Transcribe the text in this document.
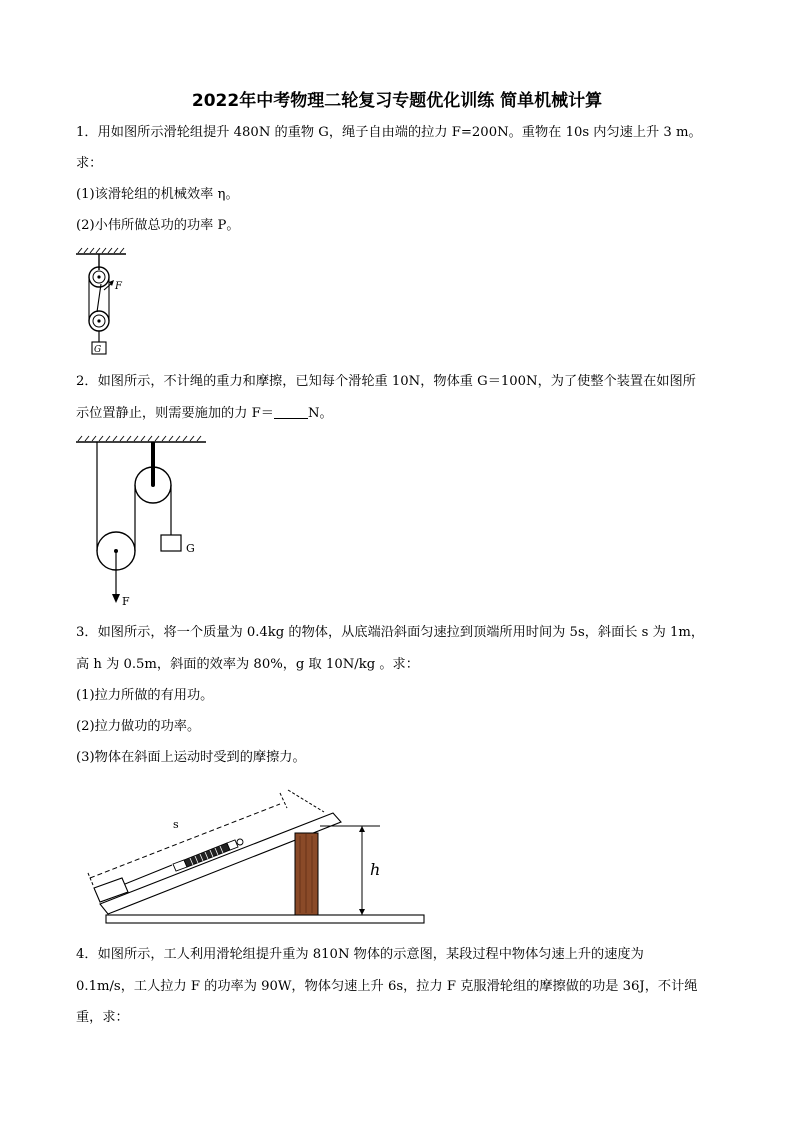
2022年中考物理二轮复习专题优化训练 简单机械计算
1．用如图所示滑轮组提升 480N 的重物 G，绳子自由端的拉力 F=200N。重物在 10s 内匀速上升 3 m。
求：
(1)该滑轮组的机械效率 η。
(2)小伟所做总功的功率 P。
F
G
2．如图所示，不计绳的重力和摩擦，已知每个滑轮重 10N，物体重 G＝100N，为了使整个装置在如图所
示位置静止，则需要施加的力 F＝	N。
G
F
3．如图所示，将一个质量为 0.4kg 的物体，从底端沿斜面匀速拉到顶端所用时间为 5s，斜面长 s 为 1m，
高 h 为 0.5m，斜面的效率为 80%，g 取 10N/kg 。求：
(1)拉力所做的有用功。
(2)拉力做功的功率。
(3)物体在斜面上运动时受到的摩擦力。
s
h
4．如图所示，工人利用滑轮组提升重为 810N 物体的示意图，某段过程中物体匀速上升的速度为
0.1m/s，工人拉力 F 的功率为 90W，物体匀速上升 6s，拉力 F 克服滑轮组的摩擦做的功是 36J，不计绳
重，求：
